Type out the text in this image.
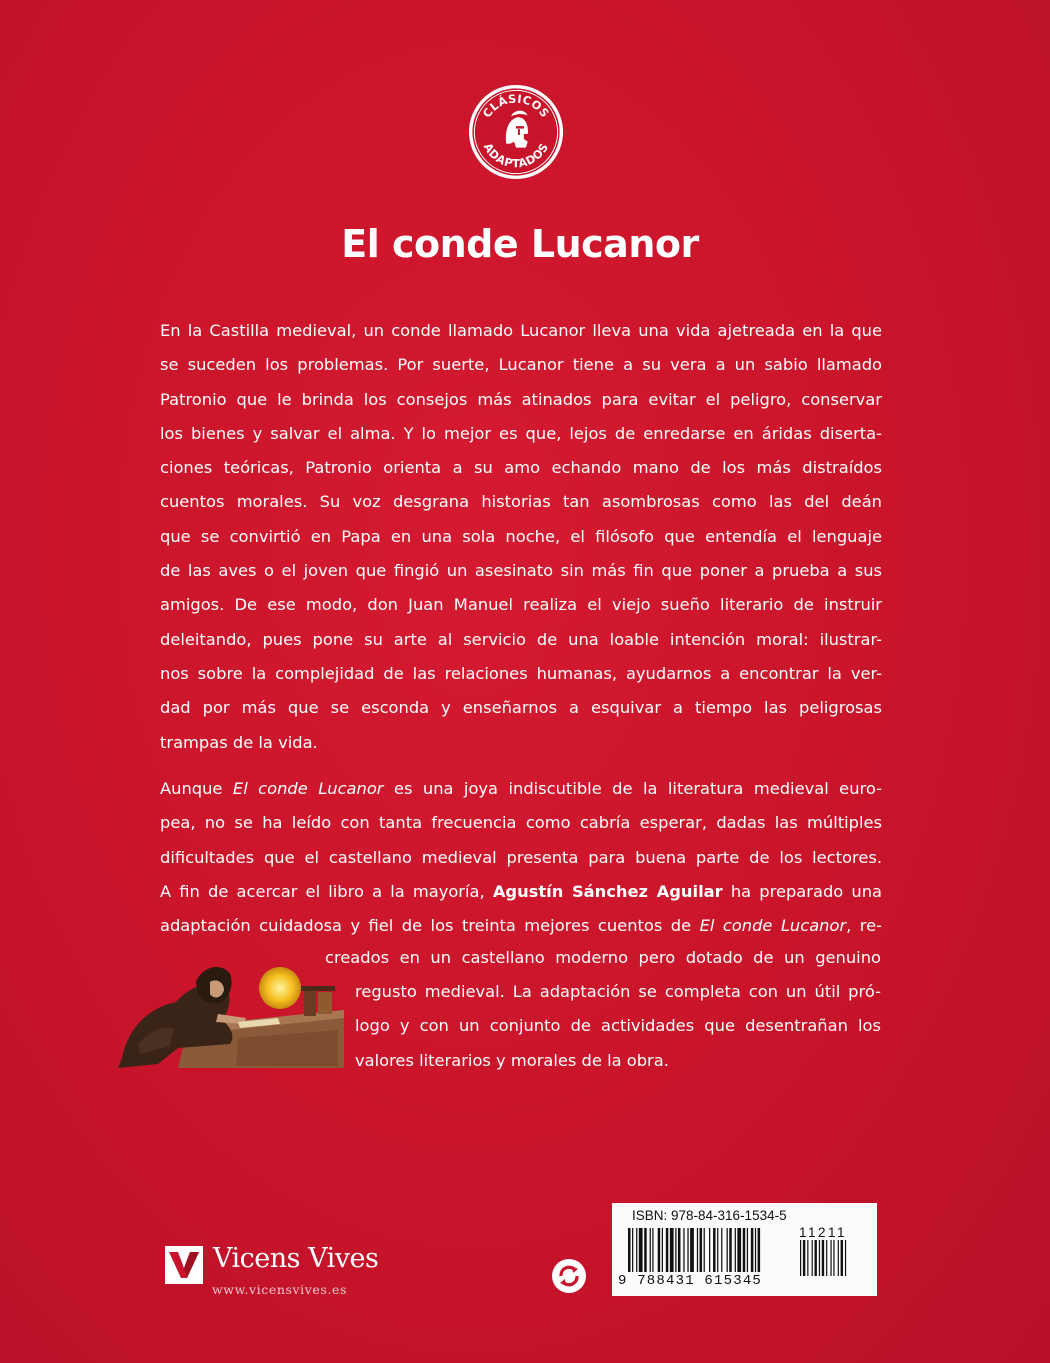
CLÁSICOS
ADAPTADOS
El conde Lucanor
En la Castilla medieval, un conde llamado Lucanor lleva una vida ajetreada en la que
se suceden los problemas. Por suerte, Lucanor tiene a su vera a un sabio llamado
Patronio que le brinda los consejos más atinados para evitar el peligro, conservar
los bienes y salvar el alma. Y lo mejor es que, lejos de enredarse en áridas diserta-
ciones teóricas, Patronio orienta a su amo echando mano de los más distraídos
cuentos morales. Su voz desgrana historias tan asombrosas como las del deán
que se convirtió en Papa en una sola noche, el filósofo que entendía el lenguaje
de las aves o el joven que fingió un asesinato sin más fin que poner a prueba a sus
amigos. De ese modo, don Juan Manuel realiza el viejo sueño literario de instruir
deleitando, pues pone su arte al servicio de una loable intención moral: ilustrar-
nos sobre la complejidad de las relaciones humanas, ayudarnos a encontrar la ver-
dad por más que se esconda y enseñarnos a esquivar a tiempo las peligrosas
trampas de la vida.
Aunque El conde Lucanor es una joya indiscutible de la literatura medieval euro-
pea, no se ha leído con tanta frecuencia como cabría esperar, dadas las múltiples
dificultades que el castellano medieval presenta para buena parte de los lectores.
A fin de acercar el libro a la mayoría, Agustín Sánchez Aguilar ha preparado una
adaptación cuidadosa y fiel de los treinta mejores cuentos de El conde Lucanor, re-
creados en un castellano moderno pero dotado de un genuino
regusto medieval. La adaptación se completa con un útil pró-
logo y con un conjunto de actividades que desentrañan los
valores literarios y morales de la obra.
Vicens Vives
www.vicensvives.es
ISBN: 978-84-316-1534-5
11211
9 788431 615345
